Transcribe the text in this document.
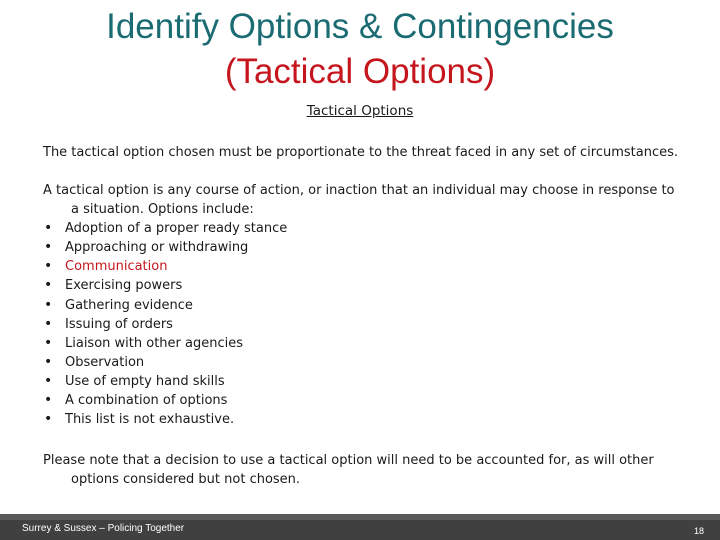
Identify Options & Contingencies
(Tactical Options)
Tactical Options
The tactical option chosen must be proportionate to the threat faced in any set of circumstances.
A tactical option is any course of action, or inaction that an individual may choose in response to
a situation. Options include:
• Adoption of a proper ready stance
• Approaching or withdrawing
• Communication
• Exercising powers
• Gathering evidence
• Issuing of orders
• Liaison with other agencies
• Observation
• Use of empty hand skills
• A combination of options
• This list is not exhaustive.
Please note that a decision to use a tactical option will need to be accounted for, as will other
options considered but not chosen.
Surrey & Sussex – Policing Together	18
